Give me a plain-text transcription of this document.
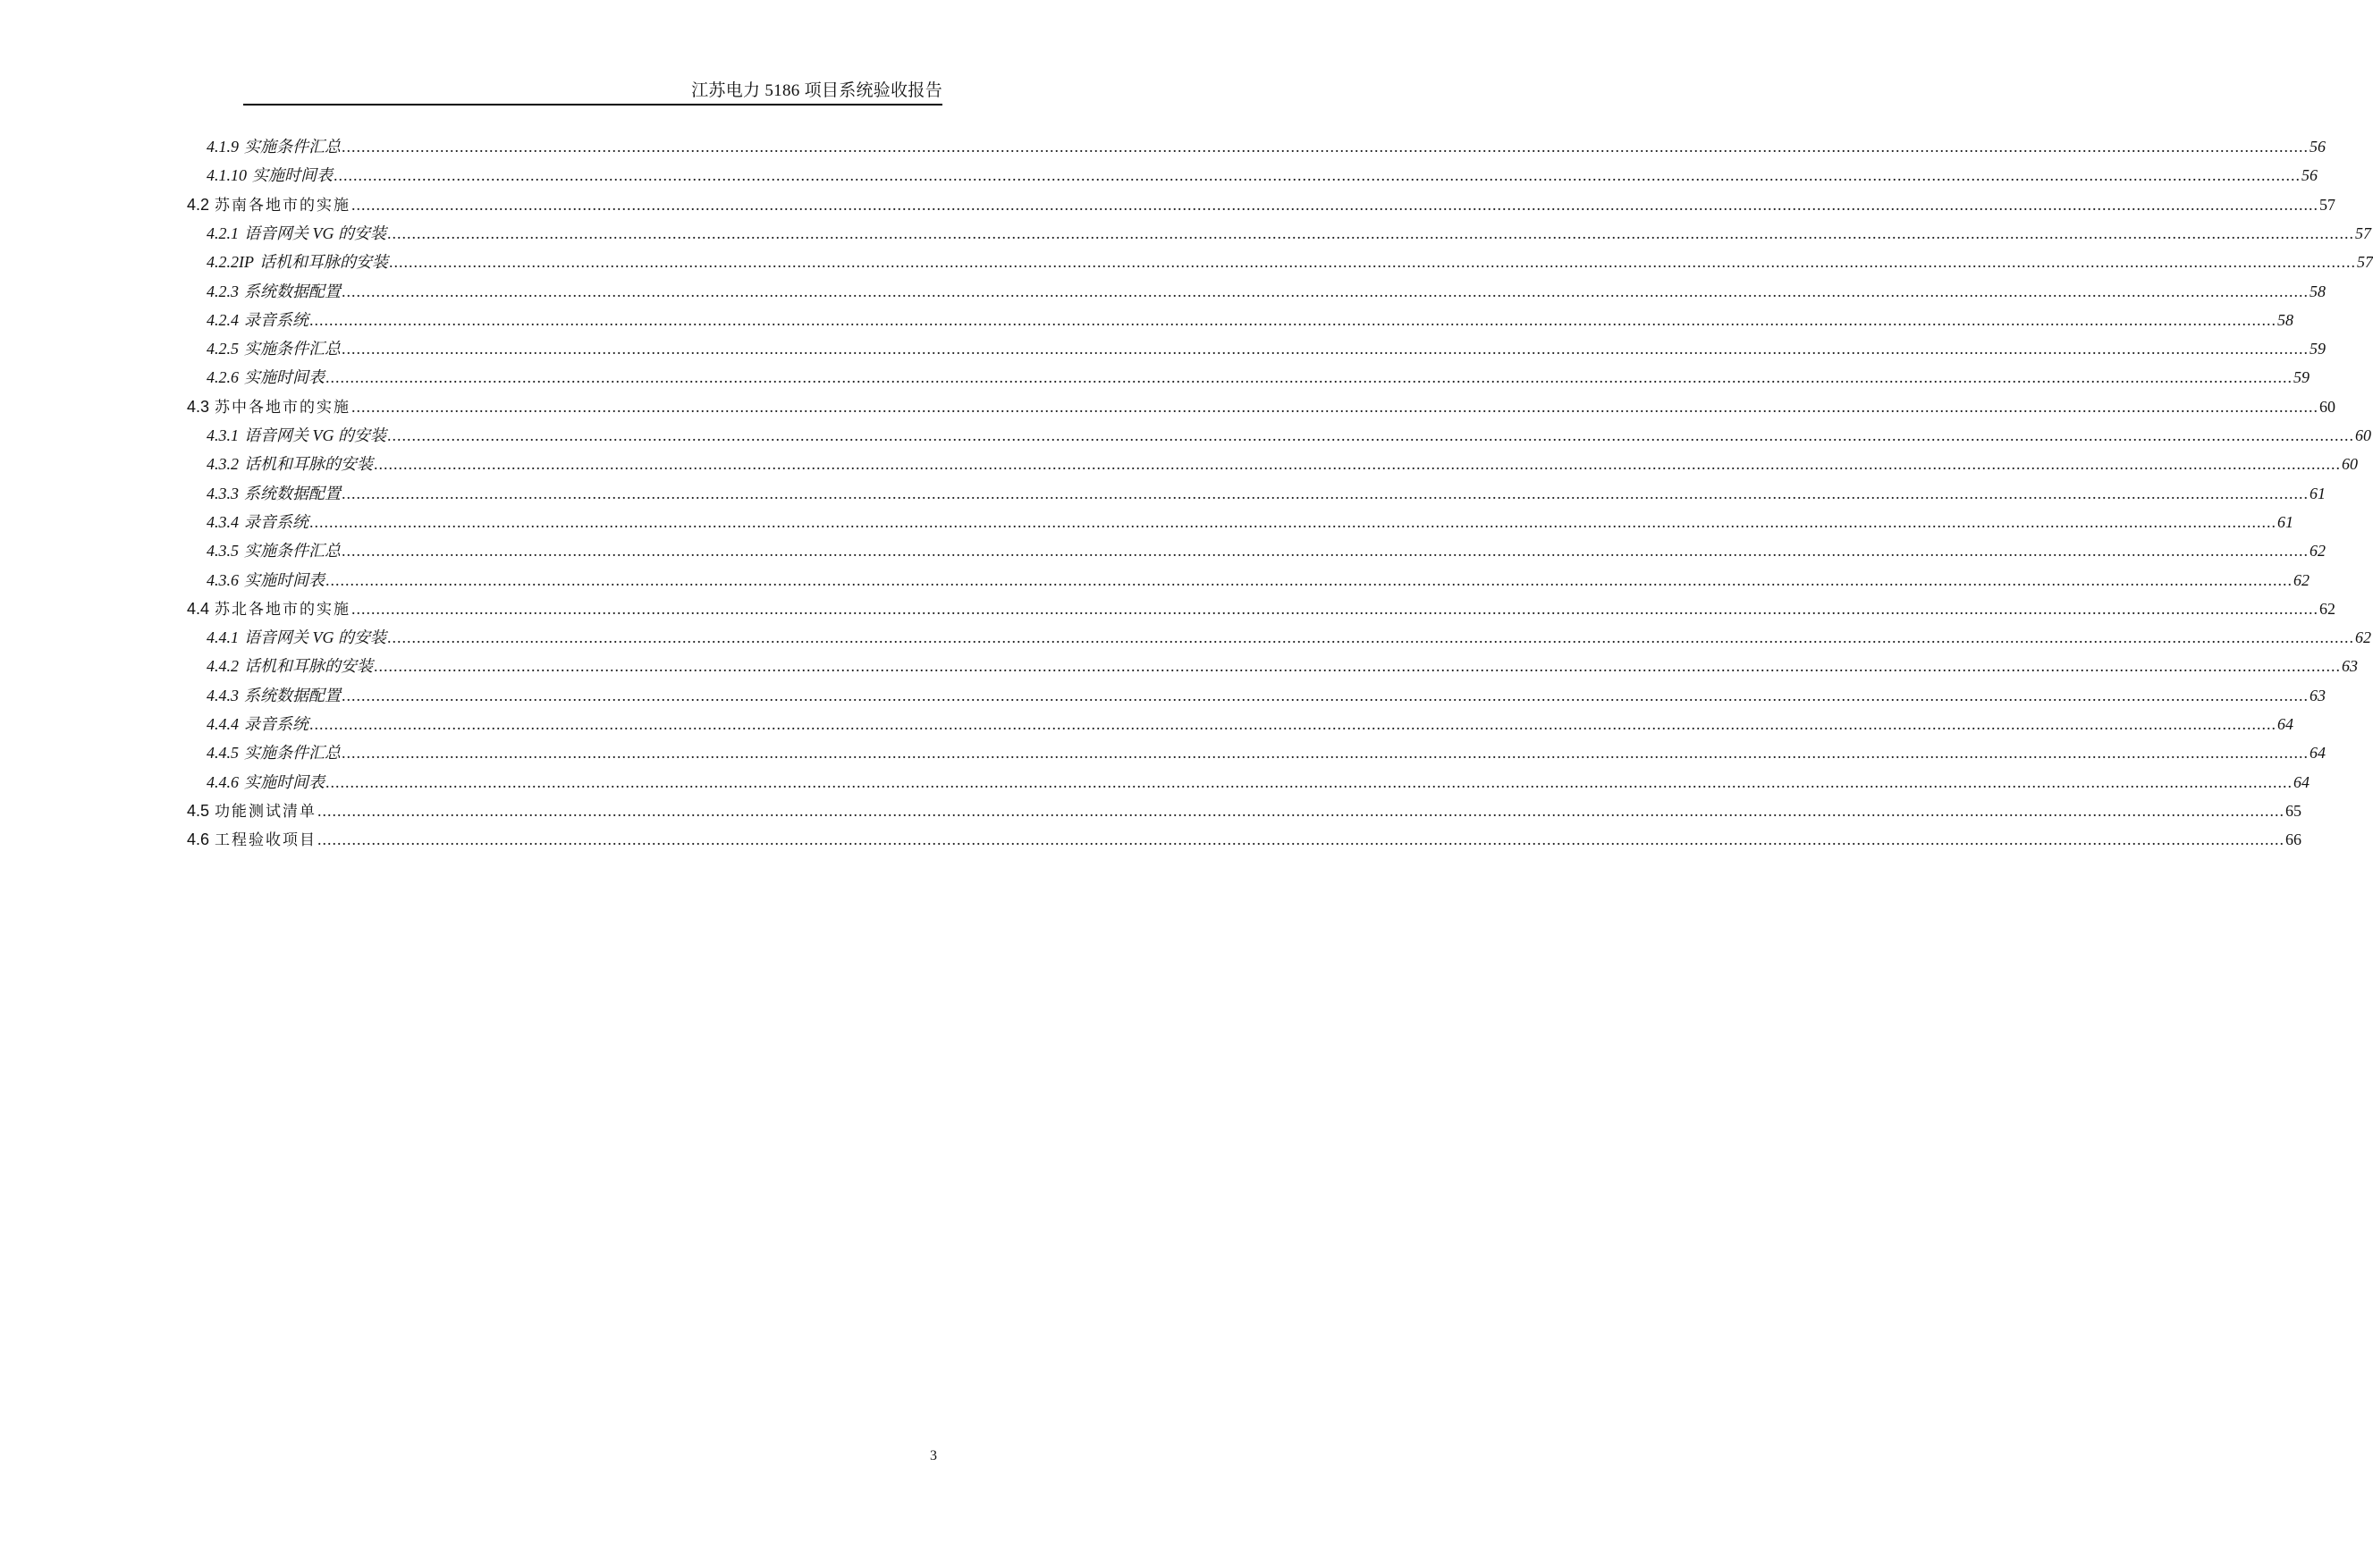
江苏电力 5186 项目系统验收报告
4.1.9 实施条件汇总 ................................................................................................................................................................................................................................................................................................................................................................................................................ 56
4.1.10 实施时间表 ................................................................................................................................................................................................................................................................................................................................................................................................................ 56
4.2 苏南各地市的实施 ................................................................................................................................................................................................................................................................................................................................................................................................................ 57
4.2.1 语音网关 VG 的安装 ................................................................................................................................................................................................................................................................................................................................................................................................................ 57
4.2.2IP 话机和耳脉的安装 ................................................................................................................................................................................................................................................................................................................................................................................................................ 57
4.2.3 系统数据配置 ................................................................................................................................................................................................................................................................................................................................................................................................................ 58
4.2.4 录音系统 ................................................................................................................................................................................................................................................................................................................................................................................................................ 58
4.2.5 实施条件汇总 ................................................................................................................................................................................................................................................................................................................................................................................................................ 59
4.2.6 实施时间表 ................................................................................................................................................................................................................................................................................................................................................................................................................ 59
4.3 苏中各地市的实施 ................................................................................................................................................................................................................................................................................................................................................................................................................ 60
4.3.1 语音网关 VG 的安装 ................................................................................................................................................................................................................................................................................................................................................................................................................ 60
4.3.2 话机和耳脉的安装 ................................................................................................................................................................................................................................................................................................................................................................................................................ 60
4.3.3 系统数据配置 ................................................................................................................................................................................................................................................................................................................................................................................................................ 61
4.3.4 录音系统 ................................................................................................................................................................................................................................................................................................................................................................................................................ 61
4.3.5 实施条件汇总 ................................................................................................................................................................................................................................................................................................................................................................................................................ 62
4.3.6 实施时间表 ................................................................................................................................................................................................................................................................................................................................................................................................................ 62
4.4 苏北各地市的实施 ................................................................................................................................................................................................................................................................................................................................................................................................................ 62
4.4.1 语音网关 VG 的安装 ................................................................................................................................................................................................................................................................................................................................................................................................................ 62
4.4.2 话机和耳脉的安装 ................................................................................................................................................................................................................................................................................................................................................................................................................ 63
4.4.3 系统数据配置 ................................................................................................................................................................................................................................................................................................................................................................................................................ 63
4.4.4 录音系统 ................................................................................................................................................................................................................................................................................................................................................................................................................ 64
4.4.5 实施条件汇总 ................................................................................................................................................................................................................................................................................................................................................................................................................ 64
4.4.6 实施时间表 ................................................................................................................................................................................................................................................................................................................................................................................................................ 64
4.5 功能测试清单 ................................................................................................................................................................................................................................................................................................................................................................................................................ 65
4.6 工程验收项目 ................................................................................................................................................................................................................................................................................................................................................................................................................ 66
3
